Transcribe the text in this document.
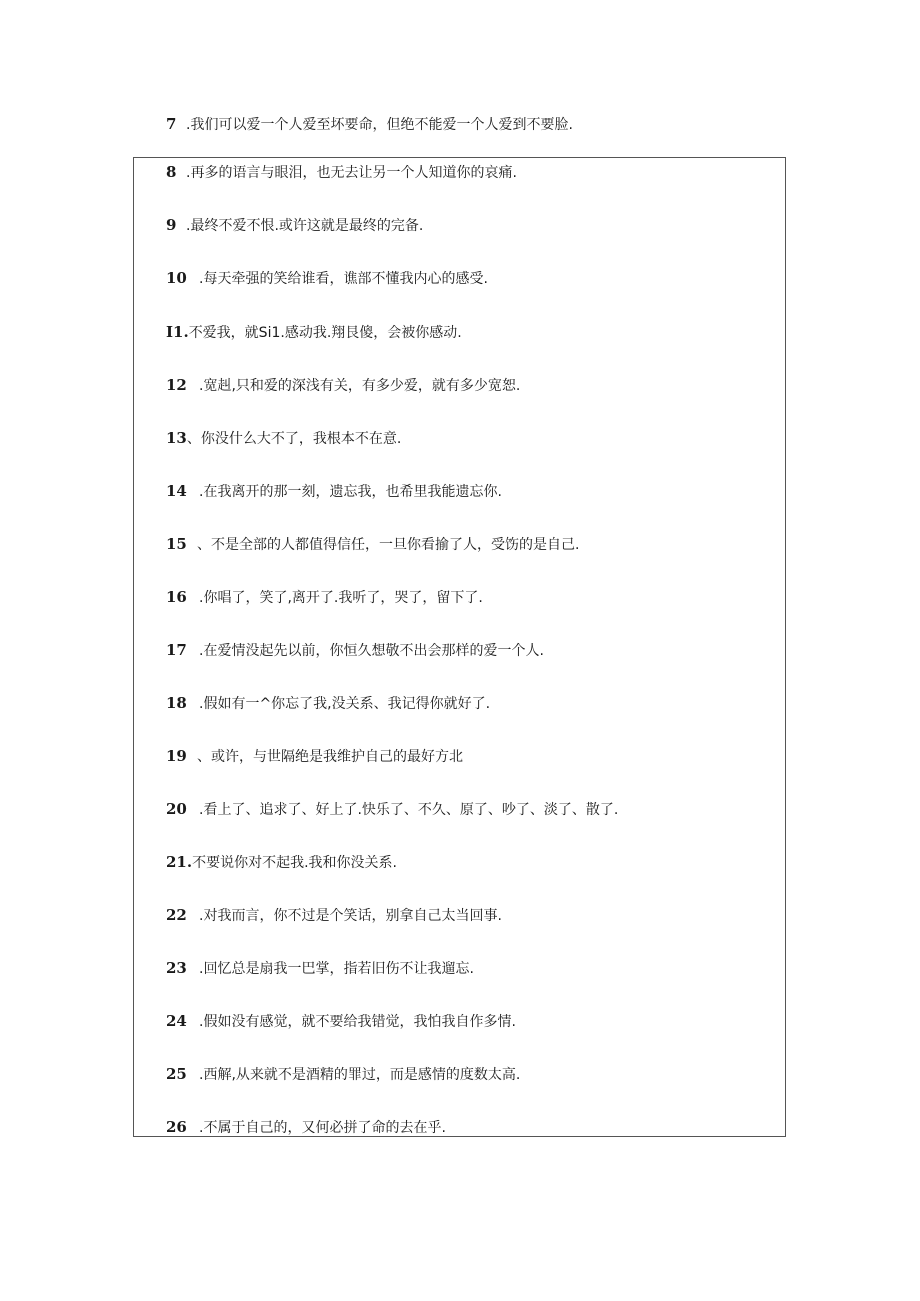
7 .我们可以爱一个人爱至坏要命，但绝不能爱一个人爱到不要脸.
8 .再多的语言与眼泪，也无去让另一个人知道你的哀痛.
9 .最终不爱不恨.或许这就是最终的完备.
10 .每天牵强的笑给谁看，谯部不懂我内心的感受.
I1.不爱我，就Si1.感动我.翔艮傻，会被你感动.
12 .宽赳,只和爱的深浅有关，有多少爱，就有多少宽恕.
13、你没什么大不了，我根本不在意.
14 .在我离开的那一刻，遗忘我，也希里我能遗忘你.
15 、不是全部的人都值得信任，一旦你看揄了人，受饬的是自己.
16 .你唱了，笑了,离开了.我听了，哭了，留下了.
17 .在爱情没起先以前，你恒久想敬不出会那样的爱一个人.
18 .假如有一^你忘了我,没关系、我记得你就好了.
19 、或许，与世隔绝是我维护自己的最好方北
20 .看上了、追求了、好上了.快乐了、不久、原了、吵了、淡了、散了.
21.不要说你对不起我.我和你没关系.
22 .对我而言，你不过是个笑话，别拿自己太当回事.
23 .回忆总是扇我一巴掌，指若旧伤不让我遛忘.
24 .假如没有感觉，就不要给我错觉，我怕我自作多情.
25 .西解,从来就不是酒精的罪过，而是感情的度数太高.
26 .不属于自己的，又何必拼了命的去在乎.
